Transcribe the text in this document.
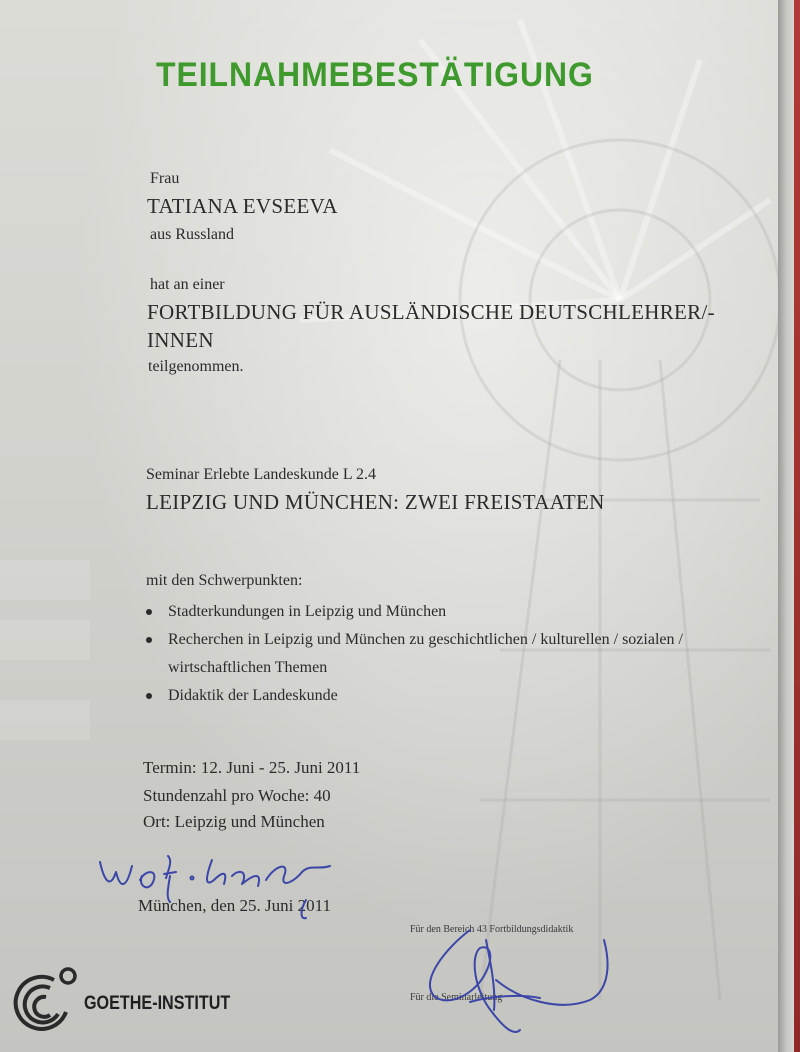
TEILNAHMEBESTÄTIGUNG

Frau

TATIANA EVSEEVA

aus Russland

hat an einer

FORTBILDUNG FÜR AUSLÄNDISCHE DEUTSCHLEHRER/-

INNEN

teilgenommen.

Seminar Erlebte Landeskunde L 2.4

LEIPZIG UND MÜNCHEN: ZWEI FREISTAATEN

mit den Schwerpunkten:

Stadterkundungen in Leipzig und München
Recherchen in Leipzig und München zu geschichtlichen / kulturellen / sozialen /
wirtschaftlichen Themen
Didaktik der Landeskunde

Termin: 12. Juni - 25. Juni 2011

Stundenzahl pro Woche: 40

Ort: Leipzig und München

München, den 25. Juni 2011

Für den Bereich 43 Fortbildungsdidaktik

Für die Seminarleitung

GOETHE-INSTITUT
